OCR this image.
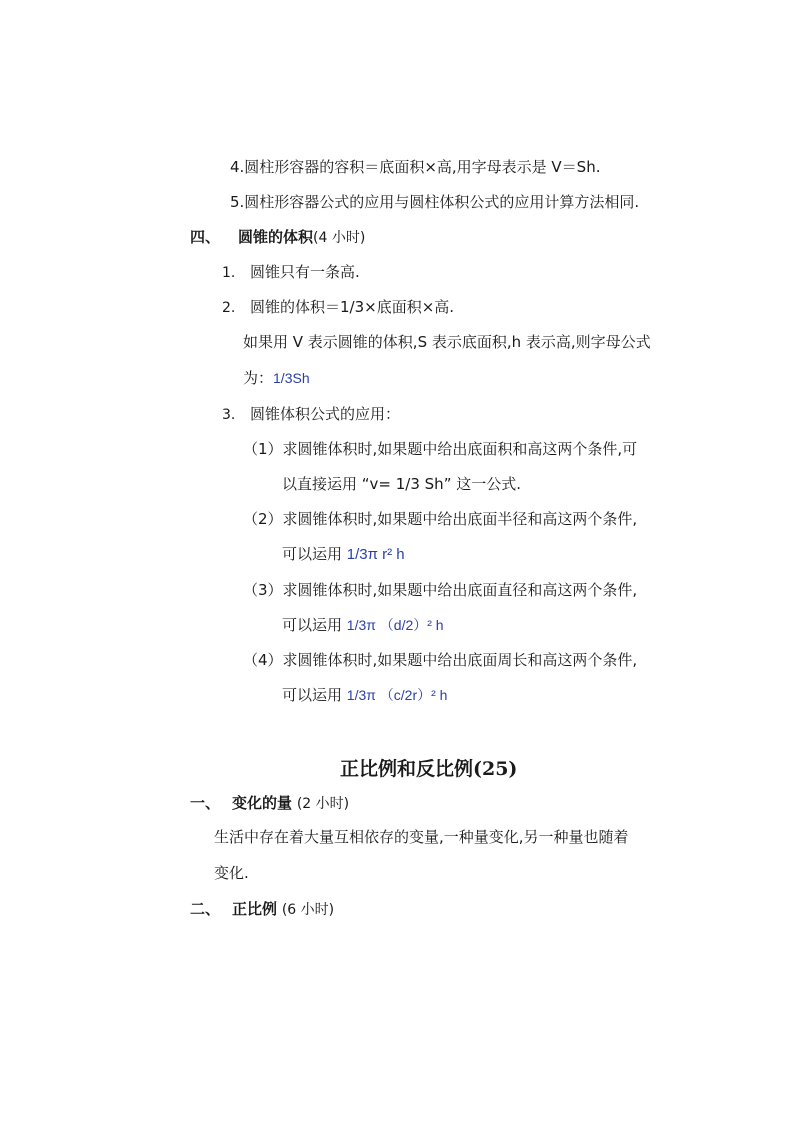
4.圆柱形容器的容积＝底面积×高,用字母表示是 V＝Sh.
5.圆柱形容器公式的应用与圆柱体积公式的应用计算方法相同.
四、 圆锥的体积(4 小时)
1. 圆锥只有一条高.
2. 圆锥的体积＝1/3×底面积×高.
如果用 V 表示圆锥的体积,S 表示底面积,h 表示高,则字母公式
为：1/3Sh
3. 圆锥体积公式的应用：
（1）求圆锥体积时,如果题中给出底面积和高这两个条件,可
以直接运用 “v= 1/3 Sh” 这一公式.
（2）求圆锥体积时,如果题中给出底面半径和高这两个条件,
可以运用 1/3π r² h
（3）求圆锥体积时,如果题中给出底面直径和高这两个条件,
可以运用 1/3π （d/2）² h
（4）求圆锥体积时,如果题中给出底面周长和高这两个条件,
可以运用 1/3π （c/2r）² h
正比例和反比例(25)
一、 变化的量 (2 小时)
生活中存在着大量互相依存的变量,一种量变化,另一种量也随着
变化.
二、 正比例 (6 小时)
